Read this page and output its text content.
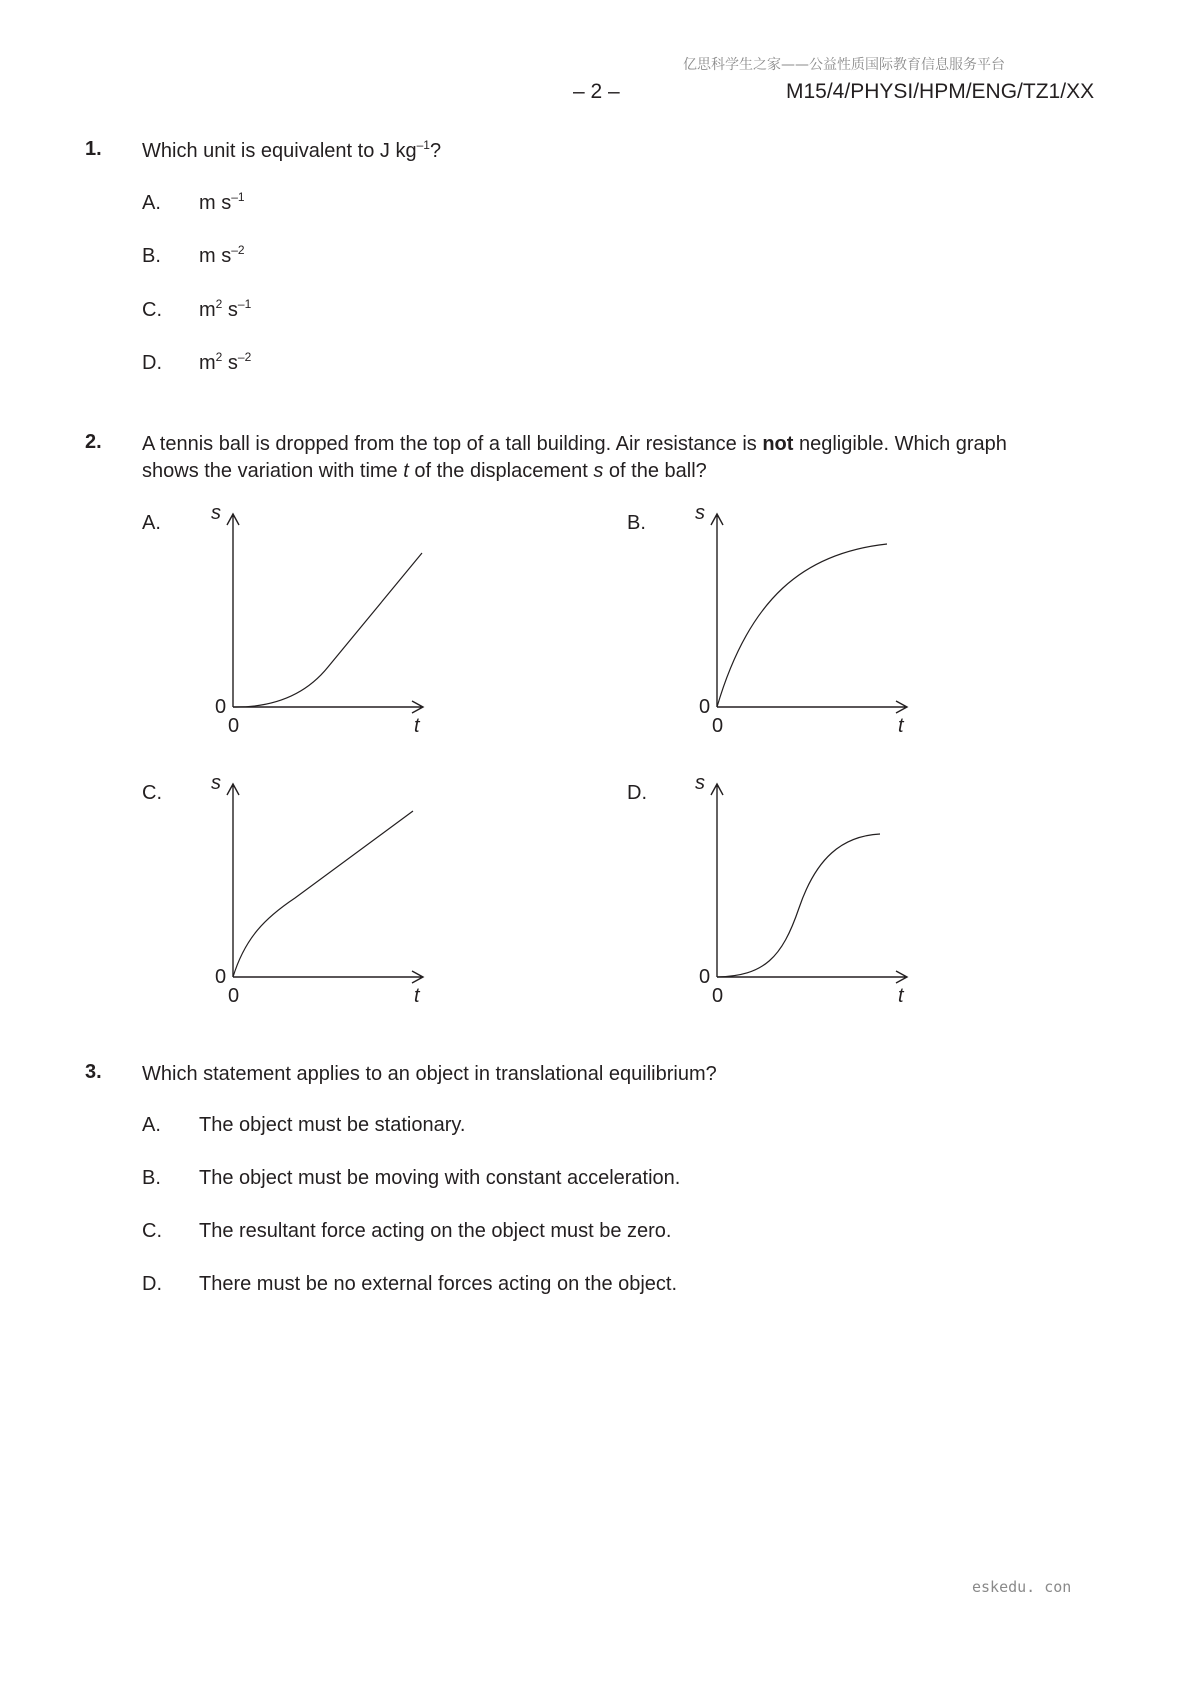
亿思科学生之家——公益性质国际教育信息服务平台
– 2 –	M15/4/PHYSI/HPM/ENG/TZ1/XX
1. Which unit is equivalent to J $kg^{-1}$?
A. m $s^{-1}$
B. m $s^{-2}$
C. $m^2$ $s^{-1}$
D. $m^2$ $s^{-2}$
2. A tennis ball is dropped from the top of a tall building. Air resistance is not negligible. Which graph
shows the variation with time t of the displacement s of the ball?
A.	s
0
0	t
B. s
0
0	t
C. s
0
0	t
D. s
0
0	t
3. Which statement applies to an object in translational equilibrium?
A. The object must be stationary.
B. The object must be moving with constant acceleration.
C. The resultant force acting on the object must be zero.
D. There must be no external forces acting on the object.
eskedu. con
